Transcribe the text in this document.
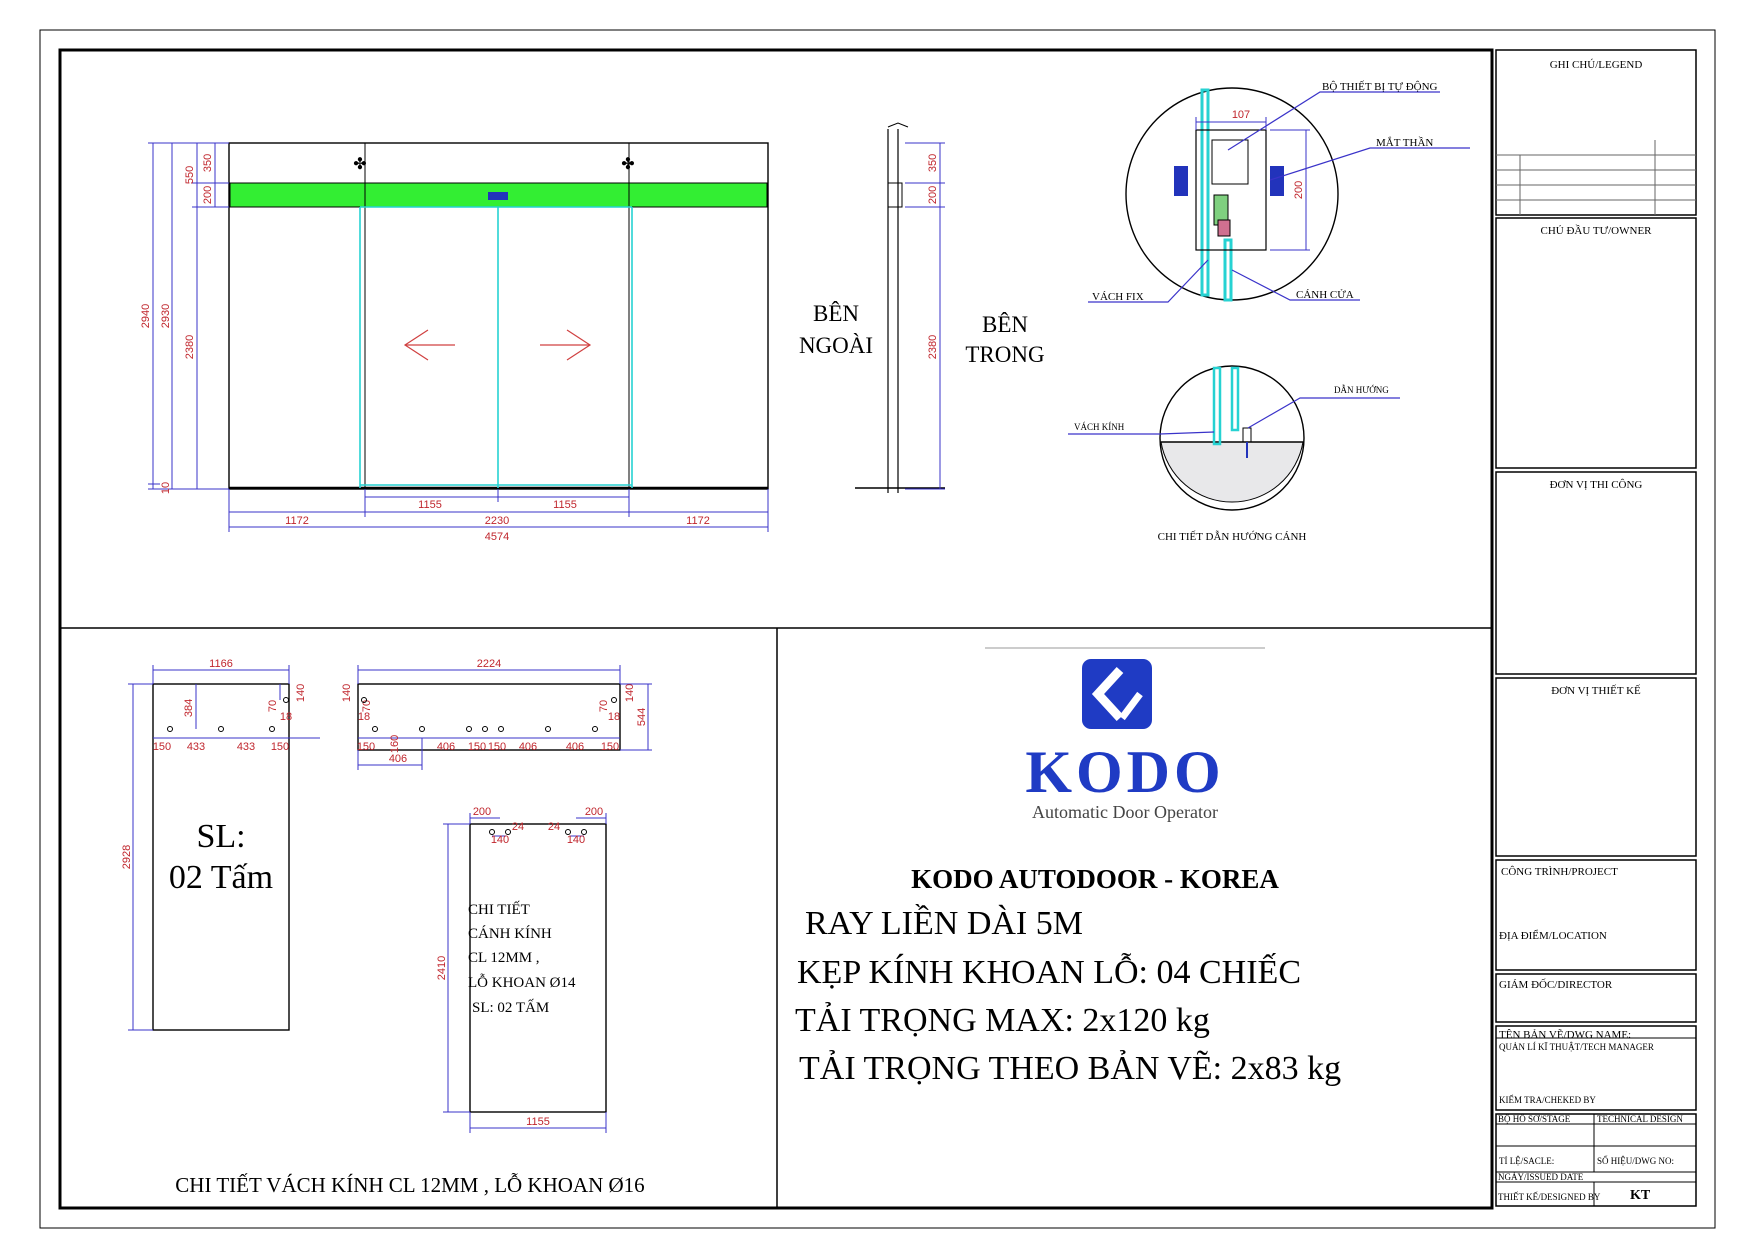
✤	✤
2940 2930
550
350
200
2380
10
1172
1155
2230
1155
1172
4574
350
200
2380
BÊN
NGOÀI
BÊN
TRONG
107
200
BỘ THIẾT BỊ TỰ ĐỘNG
MẮT THẦN
VÁCH FIX	CÁNH CỬA
VÁCH KÍNH
DẪN HƯỚNG
CHI TIẾT DẪN HƯỚNG CÁNH
1166
2928
384	70
140
18
150 433	433 150
SL:
02 Tấm
2224
140	140
70	70
18	18 544
160
150	406 150 150 406	406 150
406
200	200
140
24 24
140
2410
1155
CHI TIẾT
CÁNH KÍNH
CL 12MM ,
LỖ KHOAN Ø14
SL: 02 TẤM
CHI TIẾT VÁCH KÍNH CL 12MM , LỖ KHOAN Ø16
KODO
Automatic Door Operator
KODO AUTODOOR - KOREA
RAY LIỀN DÀI 5M
KẸP KÍNH KHOAN LỖ: 04 CHIẾC
TẢI TRỌNG MAX: 2x120 kg
TẢI TRỌNG THEO BẢN VẼ: 2x83 kg
GHI CHÚ/LEGEND
CHỦ ĐẦU TƯ/OWNER
ĐƠN VỊ THI CÔNG
ĐƠN VỊ THIẾT KẾ
CÔNG TRÌNH/PROJECT
ĐỊA ĐIỂM/LOCATION
GIÁM ĐỐC/DIRECTOR
TÊN BẢN VẼ/DWG NAME:
QUẢN LÍ KĨ THUẬT/TECH MANAGER
KIỂM TRA/CHEKED BY
BỘ HỒ SƠ/STAGE	TECHNICAL DESIGN
TỈ LỆ/SACLE:	SỐ HIỆU/DWG NO:
NGÀY/ISSUED DATE
THIẾT KẾ/DESIGNED BY KT
